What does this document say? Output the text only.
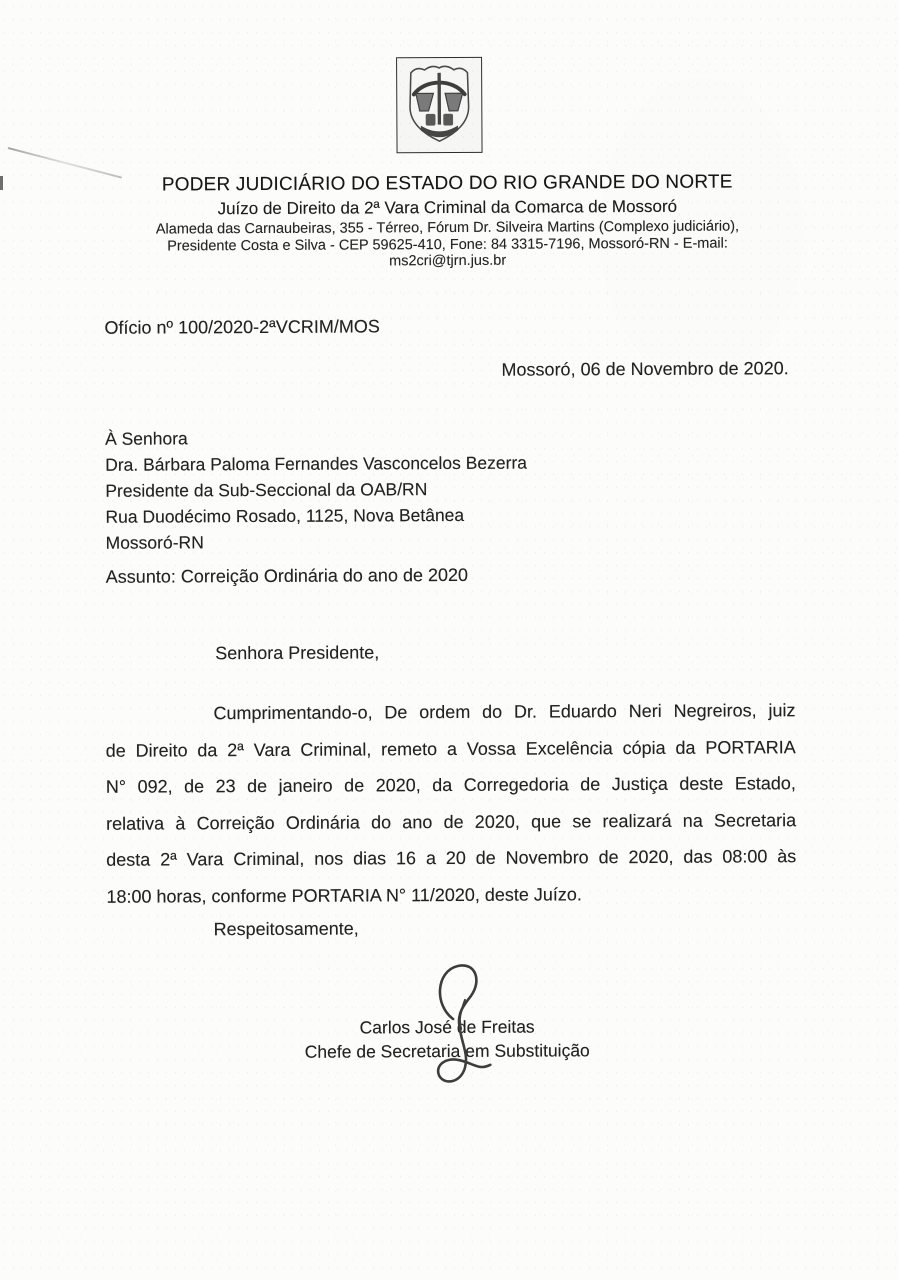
PODER JUDICIÁRIO DO ESTADO DO RIO GRANDE DO NORTE
Juízo de Direito da 2ª Vara Criminal da Comarca de Mossoró
Alameda das Carnaubeiras, 355 - Térreo, Fórum Dr. Silveira Martins (Complexo judiciário),
Presidente Costa e Silva - CEP 59625-410, Fone: 84 3315-7196, Mossoró-RN - E-mail:
ms2cri@tjrn.jus.br
Ofício nº 100/2020-2ªVCRIM/MOS
Mossoró, 06 de Novembro de 2020.
À Senhora
Dra. Bárbara Paloma Fernandes Vasconcelos Bezerra
Presidente da Sub-Seccional da OAB/RN
Rua Duodécimo Rosado, 1125, Nova Betânea
Mossoró-RN
Assunto: Correição Ordinária do ano de 2020
Senhora Presidente,
Cumprimentando-o, De ordem do Dr. Eduardo Neri Negreiros, juiz
de Direito da 2ª Vara Criminal, remeto a Vossa Excelência cópia da PORTARIA
N° 092, de 23 de janeiro de 2020, da Corregedoria de Justiça deste Estado,
relativa à Correição Ordinária do ano de 2020, que se realizará na Secretaria
desta 2ª Vara Criminal, nos dias 16 a 20 de Novembro de 2020, das 08:00 às
18:00 horas, conforme PORTARIA N° 11/2020, deste Juízo.
Respeitosamente,
Carlos José de Freitas
Chefe de Secretaria em Substituição
